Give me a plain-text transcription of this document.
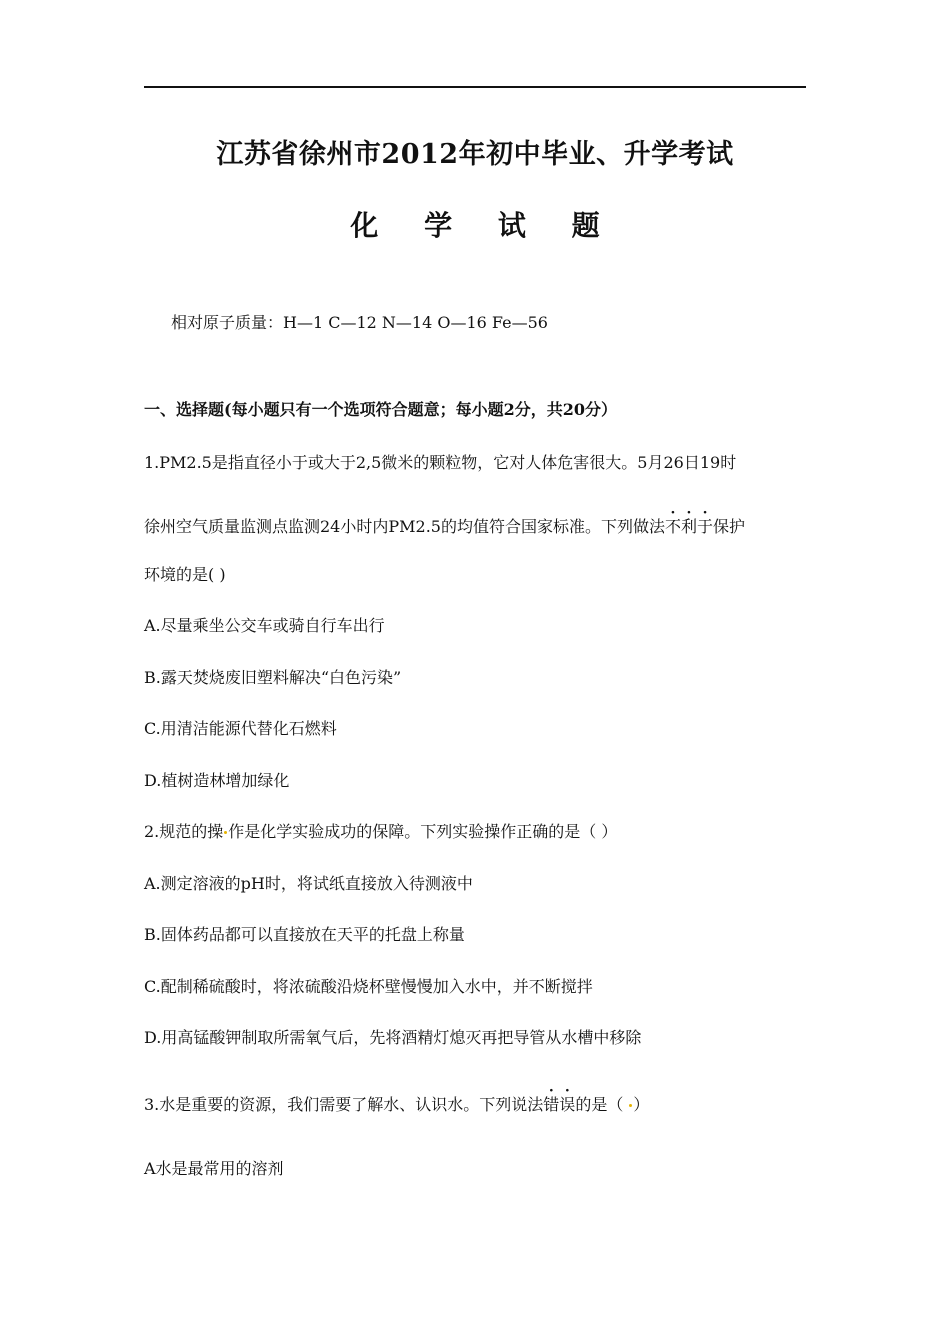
江苏省徐州市2012年初中毕业、升学考试
化 学 试 题
相对原子质量：H—1 C—12 N—14 O—16 Fe—56
一、选择题(每小题只有一个选项符合题意；每小题2分，共20分）
1.PM2.5是指直径小于或大于2,5微米的颗粒物，它对人体危害很大。5月26日19时
徐州空气质量监测点监测24小时内PM2.5的均值符合国家标准。下列做法不利于保护
环境的是( )
A.尽量乘坐公交车或骑自行车出行
B.露天焚烧废旧塑料解决“白色污染”
C.用清洁能源代替化石燃料
D.植树造林增加绿化
2.规范的操 作是化学实验成功的保障。下列实验操作正确的是（ ）
A.测定溶液的pH时，将试纸直接放入待测液中
B.固体药品都可以直接放在天平的托盘上称量
C.配制稀硫酸时，将浓硫酸沿烧杯壁慢慢加入水中，并不断搅拌
D.用高锰酸钾制取所需氧气后，先将酒精灯熄灭再把导管从水槽中移除
3.水是重要的资源，我们需要了解水、认识水。下列说法错误的是（ ）
A水是最常用的溶剂
